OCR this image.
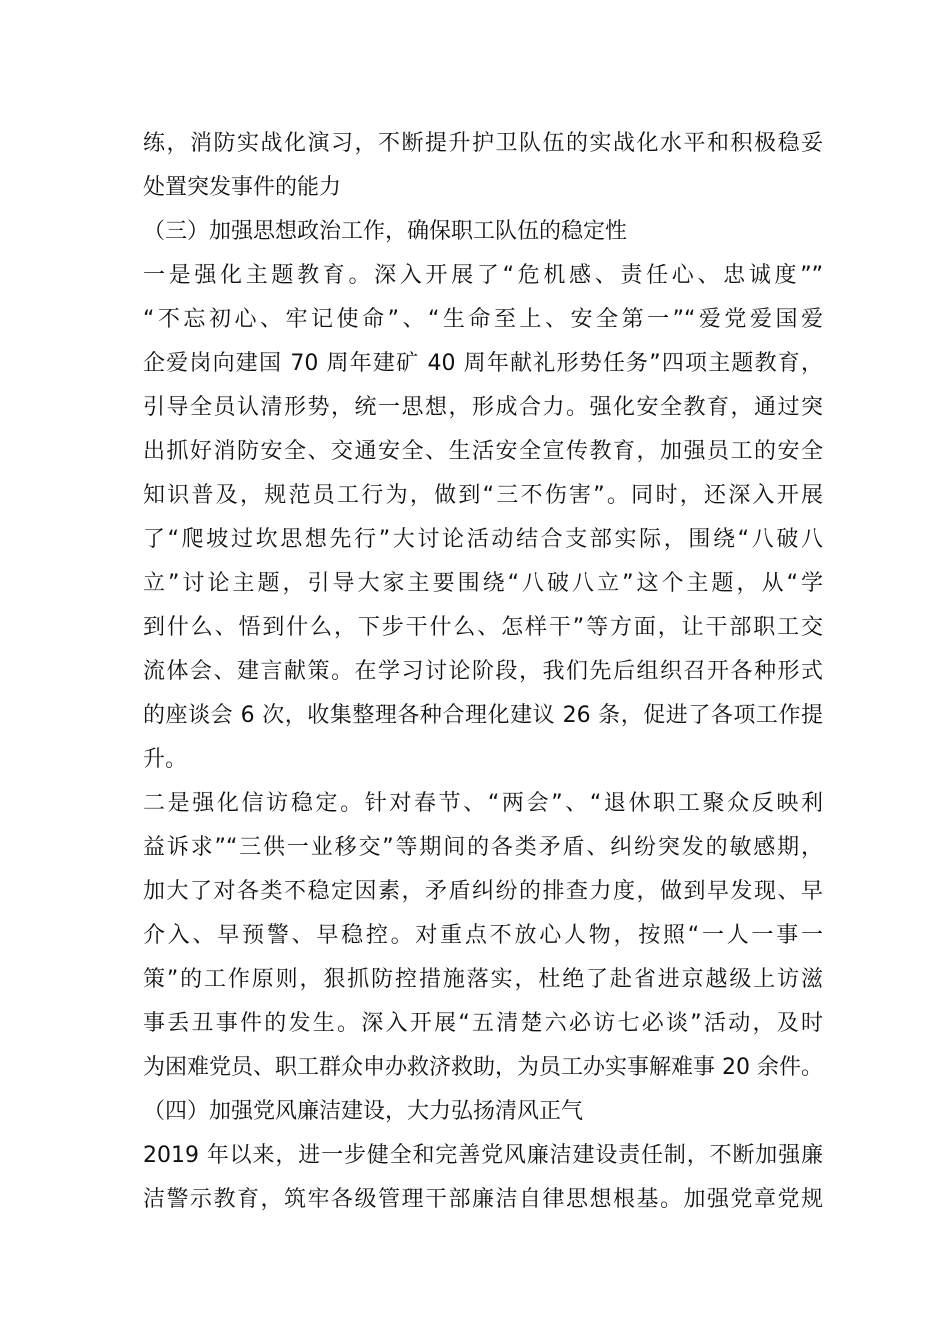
练，消防实战化演习，不断提升护卫队伍的实战化水平和积极稳妥
处置突发事件的能力
（三）加强思想政治工作，确保职工队伍的稳定性
一是强化主题教育。深入开展了“危机感、责任心、忠诚度””
“不忘初心、牢记使命”、“生命至上、安全第一”“爱党爱国爱
企爱岗向建国 70 周年建矿 40 周年献礼形势任务”四项主题教育，
引导全员认清形势，统一思想，形成合力。强化安全教育，通过突
出抓好消防安全、交通安全、生活安全宣传教育，加强员工的安全
知识普及，规范员工行为，做到“三不伤害”。同时，还深入开展
了“爬坡过坎思想先行”大讨论活动结合支部实际，围绕“八破八
立”讨论主题，引导大家主要围绕“八破八立”这个主题，从“学
到什么、悟到什么，下步干什么、怎样干”等方面，让干部职工交
流体会、建言献策。在学习讨论阶段，我们先后组织召开各种形式
的座谈会 6 次，收集整理各种合理化建议 26 条，促进了各项工作提
升。
二是强化信访稳定。针对春节、“两会”、“退休职工聚众反映利
益诉求”“三供一业移交”等期间的各类矛盾、纠纷突发的敏感期，
加大了对各类不稳定因素，矛盾纠纷的排查力度，做到早发现、早
介入、早预警、早稳控。对重点不放心人物，按照“一人一事一
策”的工作原则，狠抓防控措施落实，杜绝了赴省进京越级上访滋
事丢丑事件的发生。深入开展“五清楚六必访七必谈”活动，及时
为困难党员、职工群众申办救济救助，为员工办实事解难事 20 余件。
（四）加强党风廉洁建设，大力弘扬清风正气
2019 年以来，进一步健全和完善党风廉洁建设责任制，不断加强廉
洁警示教育，筑牢各级管理干部廉洁自律思想根基。加强党章党规
